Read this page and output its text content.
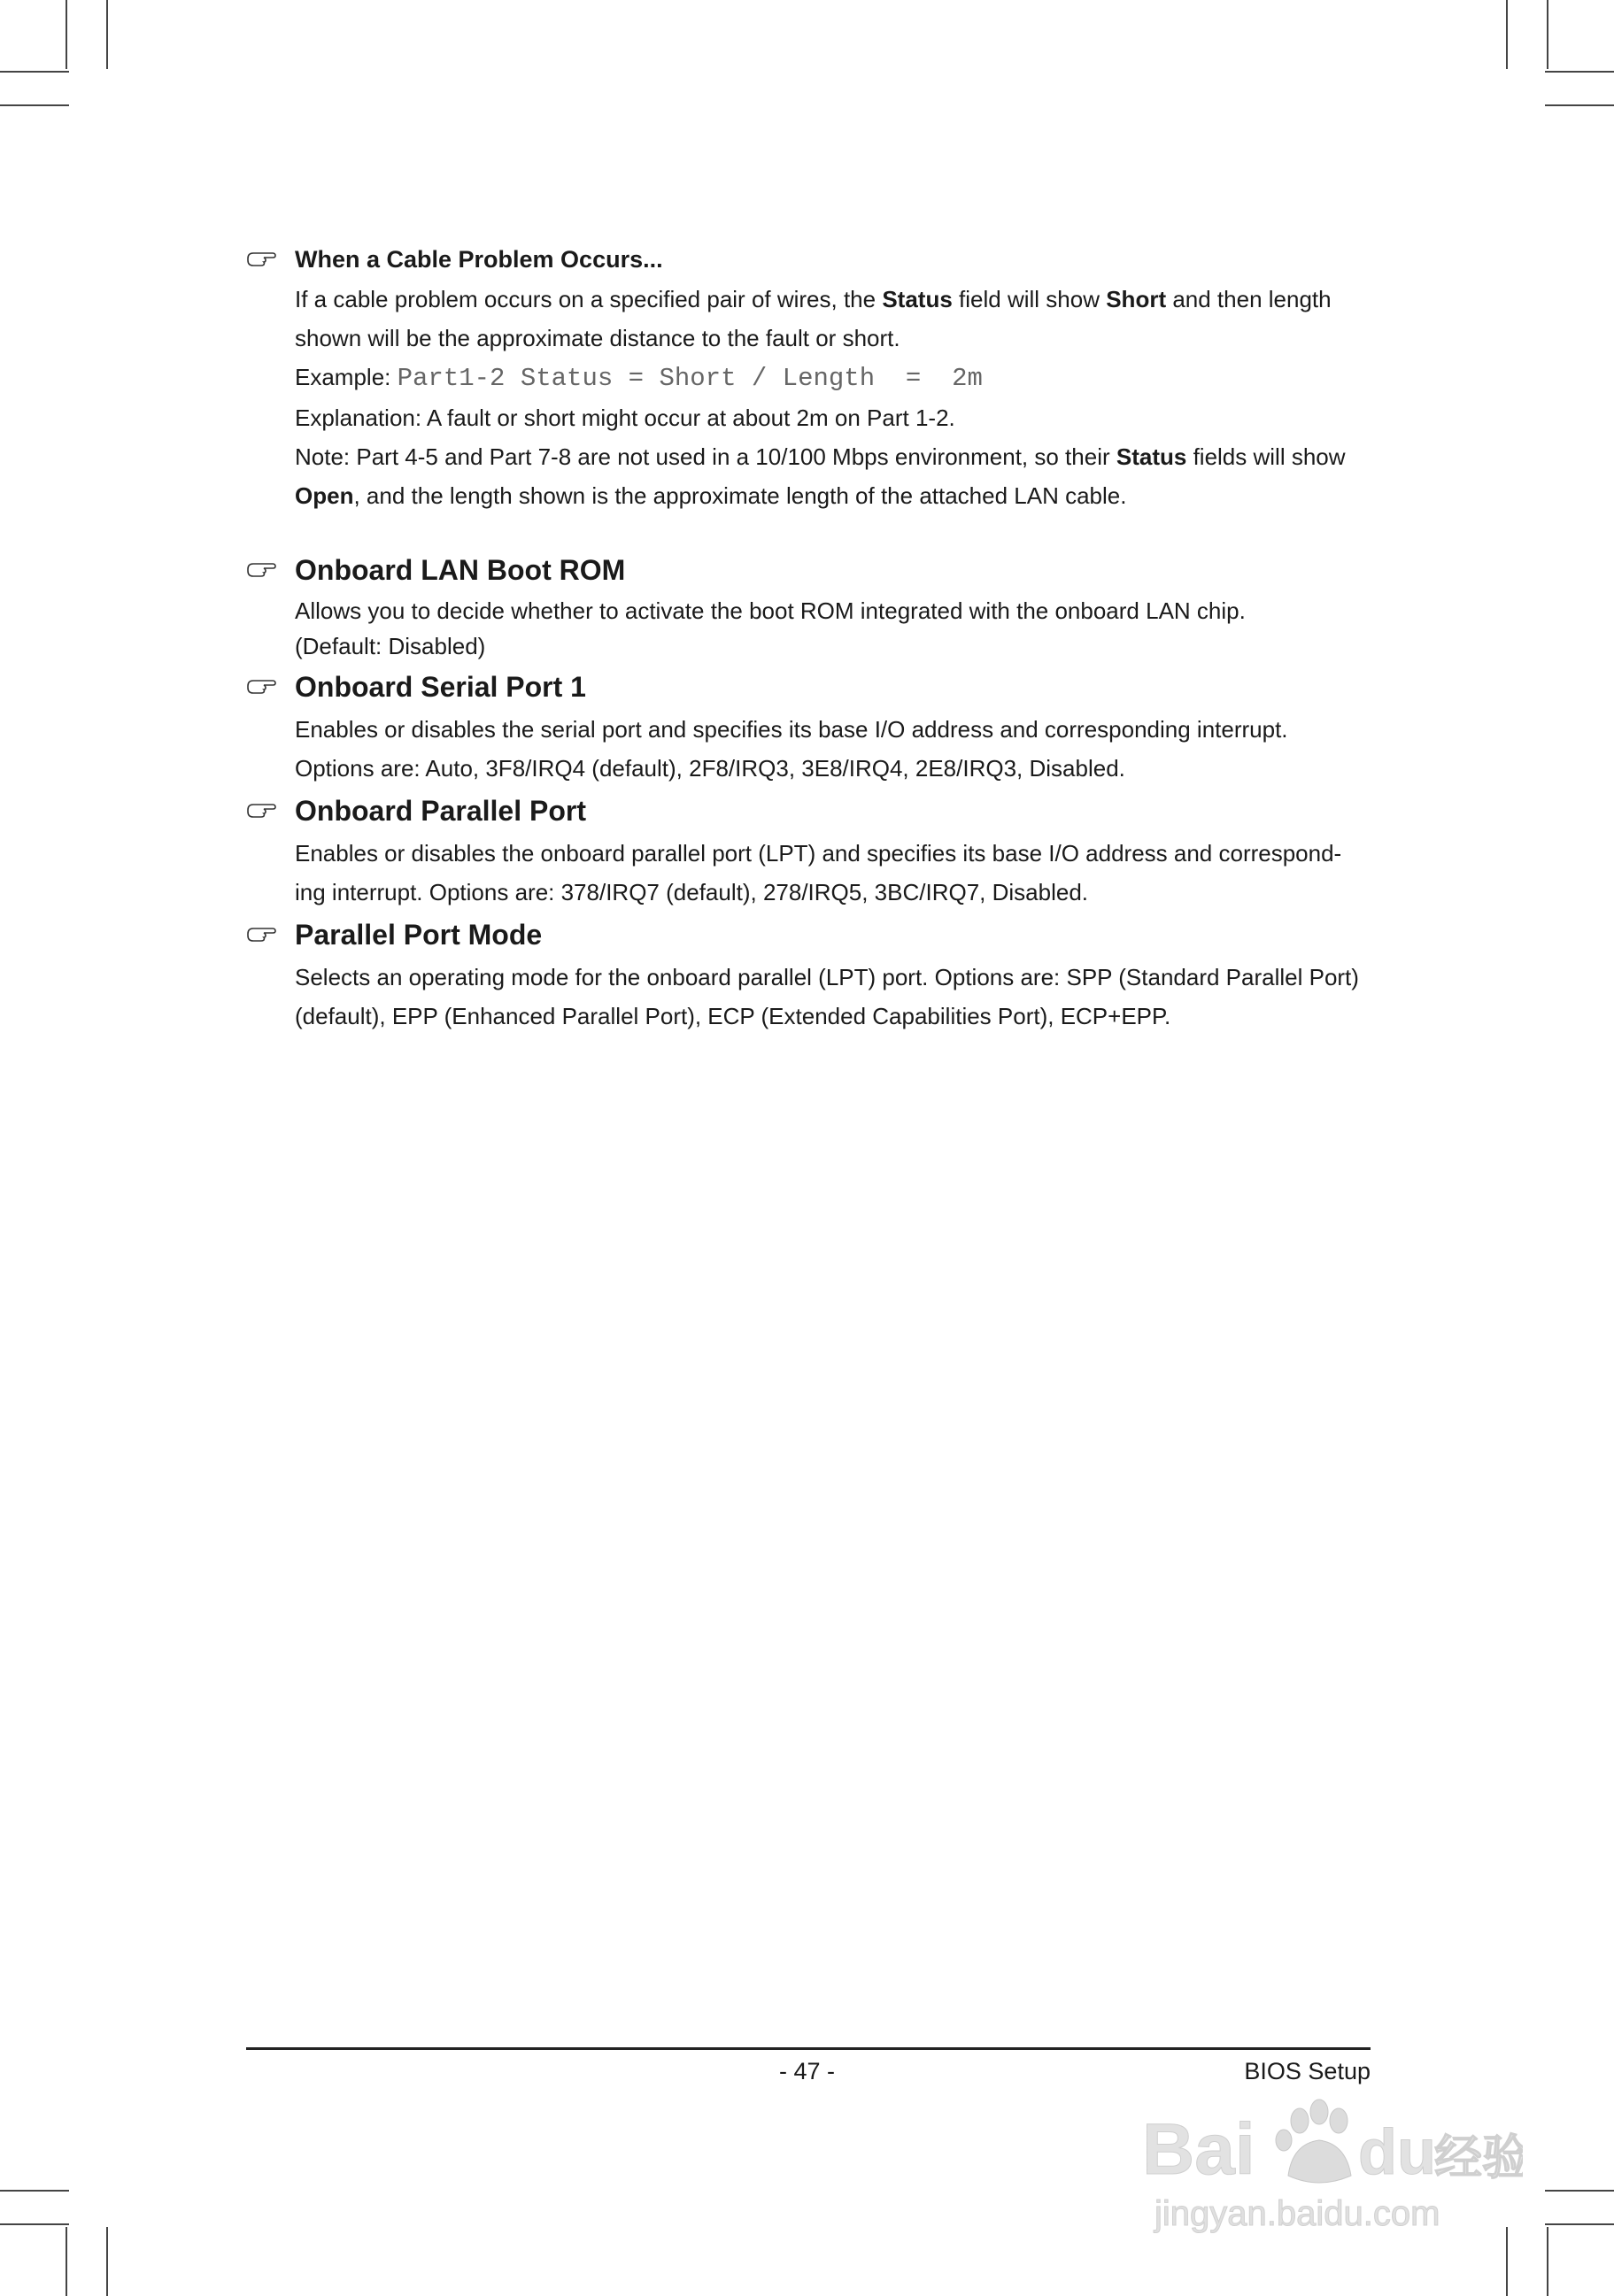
When a Cable Problem Occurs...

If a cable problem occurs on a specified pair of wires, the Status field will show Short and then length shown will be the approximate distance to the fault or short.

Example: Part1-2 Status = Short / Length  =  2m

Explanation: A fault or short might occur at about 2m on Part 1-2.

Note: Part 4-5 and Part 7-8 are not used in a 10/100 Mbps environment, so their Status fields will show Open, and the length shown is the approximate length of the attached LAN cable.

Onboard LAN Boot ROM

Allows you to decide whether to activate the boot ROM integrated with the onboard LAN chip.

(Default: Disabled)

Onboard Serial Port 1

Enables or disables the serial port and specifies its base I/O address and corresponding interrupt.

Options are: Auto, 3F8/IRQ4 (default), 2F8/IRQ3, 3E8/IRQ4, 2E8/IRQ3, Disabled.

Onboard Parallel Port

Enables or disables the onboard parallel port (LPT) and specifies its base I/O address and correspond-ing interrupt. Options are: 378/IRQ7 (default), 278/IRQ5, 3BC/IRQ7, Disabled.

Parallel Port Mode

Selects an operating mode for the onboard parallel (LPT) port. Options are: SPP (Standard Parallel Port) (default), EPP (Enhanced Parallel Port), ECP (Extended Capabilities Port), ECP+EPP.

- 47 -	BIOS Setup
Bai du
经验
jingyan.baidu.com
